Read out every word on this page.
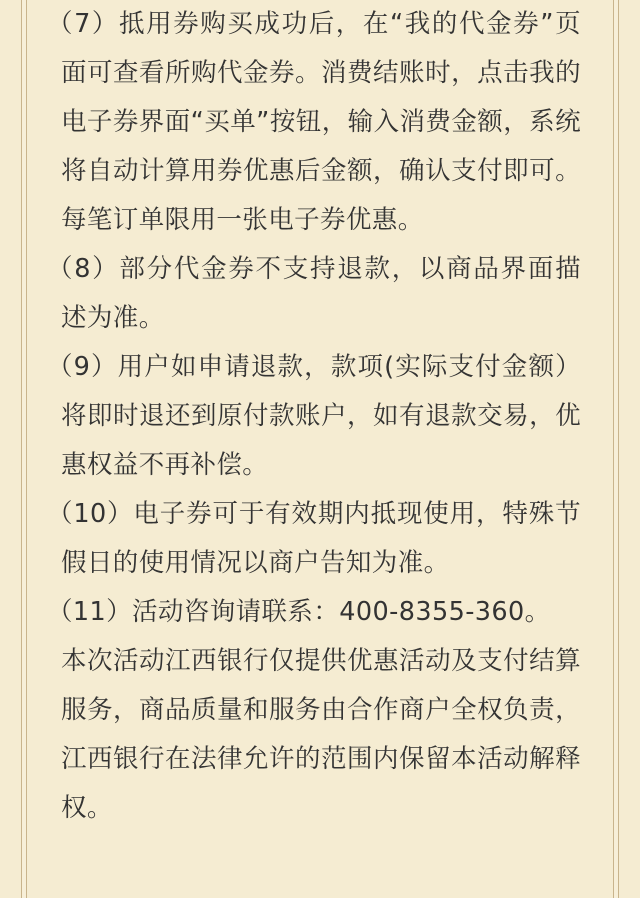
（7）抵用券购买成功后，在“我的代金券”页面可查看所购代金券。消费结账时，点击我的电子券界面“买单”按钮，输入消费金额，系统将自动计算用券优惠后金额，确认支付即可。每笔订单限用一张电子券优惠。

（8）部分代金券不支持退款，以商品界面描述为准。

（9）用户如申请退款，款项(实际支付金额）将即时退还到原付款账户，如有退款交易，优惠权益不再补偿。

（10）电子券可于有效期内抵现使用，特殊节假日的使用情况以商户告知为准。

（11）活动咨询请联系：400-8355-360。

本次活动江西银行仅提供优惠活动及支付结算服务，商品质量和服务由合作商户全权负责，江西银行在法律允许的范围内保留本活动解释权。
